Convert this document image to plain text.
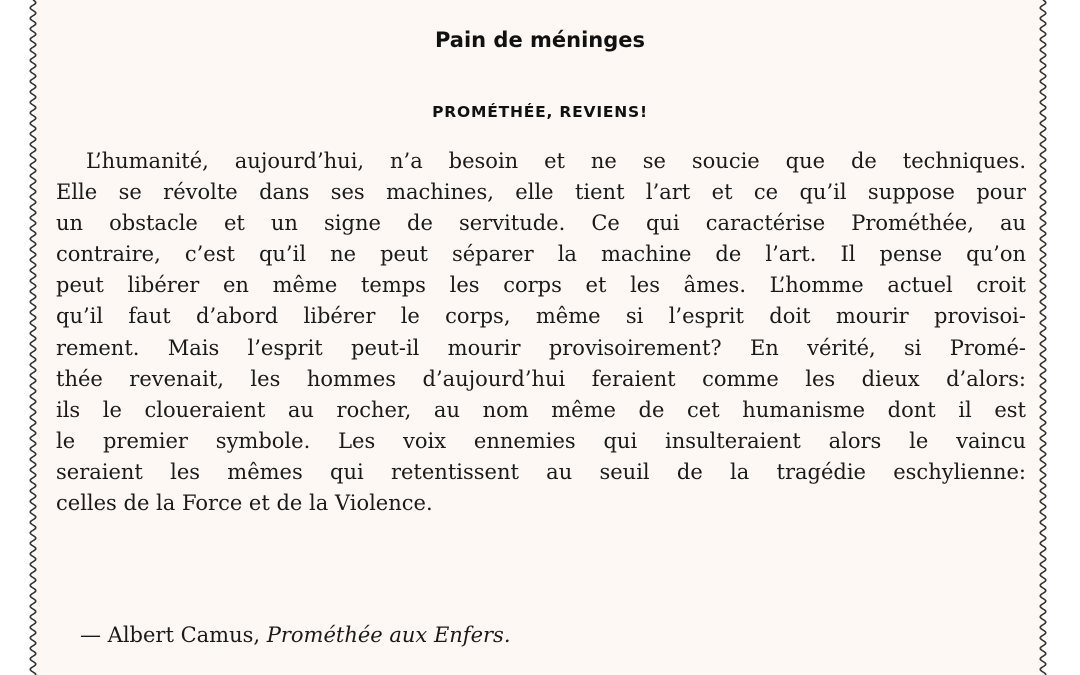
Pain de méninges
PROMÉTHÉE, REVIENS!
L’humanité, aujourd’hui, n’a besoin et ne se soucie que de techniques.
Elle se révolte dans ses machines, elle tient l’art et ce qu’il suppose pour
un obstacle et un signe de servitude. Ce qui caractérise Prométhée, au
contraire, c’est qu’il ne peut séparer la machine de l’art. Il pense qu’on
peut libérer en même temps les corps et les âmes. L’homme actuel croit
qu’il faut d’abord libérer le corps, même si l’esprit doit mourir provisoi-
rement. Mais l’esprit peut-il mourir provisoirement? En vérité, si Promé-
thée revenait, les hommes d’aujourd’hui feraient comme les dieux d’alors:
ils le cloueraient au rocher, au nom même de cet humanisme dont il est
le premier symbole. Les voix ennemies qui insulteraient alors le vaincu
seraient les mêmes qui retentissent au seuil de la tragédie eschylienne:
celles de la Force et de la Violence.
— Albert Camus, Prométhée aux Enfers.
